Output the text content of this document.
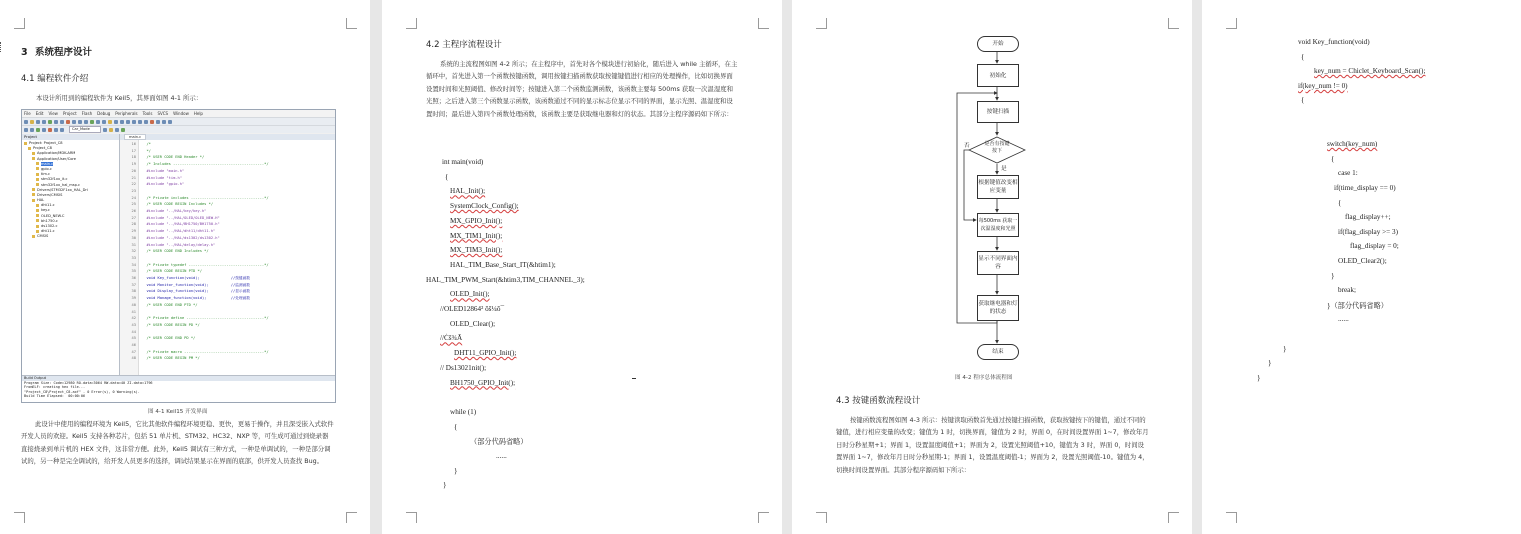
3 系统程序设计
4.1 编程软件介绍
本设计所用到的编程软件为 Keil5，其界面如图 4-1 所示：
File Edit View Project Flash Debug Peripherals Tools SVCS Window Help
Car_Mode
Project
Project: Project_C8
Project_C8
Application/MDK-ARM
Application/User/Core
main.c
gpio.c
tim.c
stm32f1xx_it.c
stm32f1xx_hal_msp.c
Drivers/STM32F1xx_HAL_Dri
Drivers/CMSIS
HAL
dht11.c
key.c
OLED_NEW.C
bh1750.c
ds1302.c
dht11.c
CMSIS
main.c
16 /*
17 */
18 /* USER CODE END Header */
19 /* Includes -----------------------------------------*/
20 #include "main.h"
21 #include "tim.h"
22 #include "gpio.h"
23
24 /* Private includes ---------------------------------*/
25 /* USER CODE BEGIN Includes */
26 #include "../HAL/key/key.h"
27 #include "../HAL/OLED/OLED_NEW.H"
28 #include "../HAL/BH1750/BH1750.h"
29 #include "../HAL/dht11/dht11.h"
30 #include "../HAL/ds1302/ds1302.h"
31 #include "../HAL/delay/delay.h"
32 /* USER CODE END Includes */
33
34 /* Private typedef ----------------------------------*/
35 /* USER CODE BEGIN PTD */
36 void Key_function(void);              //按键函数
37 void Monitor_function(void);          //监测函数
38 void Display_function(void);          //显示函数
39 void Manage_function(void);           //处理函数
40 /* USER CODE END PTD */
41
42 /* Private define -----------------------------------*/
43 /* USER CODE BEGIN PD */
44
45 /* USER CODE END PD */
46
47 /* Private macro ------------------------------------*/
48 /* USER CODE BEGIN PM */
Build Output
Program Size: Code=12980 RO-data=3064 RW-data=40 ZI-data=1796
FromELF: creating hex file...
"Project_C8\Project_C8.axf" - 0 Error(s), 0 Warning(s).
Build Time Elapsed:  00:00:06
图 4-1 Keil15 开发界面
此设计中使用的编程环境为 Keil5，它比其他软件编程环境更稳、更快，更易于操作，并且深受嵌入式软件开发人员的欢迎。Keil5 支持各种芯片，包括 51 单片机、STM32、HC32、NXP 等，可生成可通过到烧录器直接烧录到单片机的 HEX 文件，这非常方便。此外，Keil5 调试有三种方式，一种是单调试的，一种是部分调试的，另一种是完全调试的，给开发人员更多的选择，调试结果显示在界面的底部，供开发人员查找 Bug。
4.2 主程序流程设计
系统的主流程图如图 4-2 所示；在主程序中，首先对各个模块进行初始化，随后进入 while 主循环，在主循环中，首先进入第一个函数按键函数，调用按键扫描函数获取按键键值进行相应的处理操作，比如切换界面设置时间和光照阈值、修改时间等；按键进入第二个函数监测函数，该函数主要每 500ms 获取一次温湿度和光照；之后进入第三个函数显示函数，该函数通过不同的显示标志位显示不同的界面，显示光照、温湿度和设置时间；最后进入第四个函数处理函数，该函数主要是获取继电器和灯的状态。其部分主程序源码如下所示：
int main(void)
{
HAL_Init();
SystemClock_Config();
MX_GPIO_Init();
MX_TIM1_Init();
MX_TIM3_Init();
HAL_TIM_Base_Start_IT(&htim1);
HAL_TIM_PWM_Start(&htim3,TIM_CHANNEL_3);
OLED_Init();
//OLED12864² ōš¼ō¯
OLED_Clear();
//Ċš¾Ā
DHT11_GPIO_Init();
// Ds13021nit();
BH1750_GPIO_Init();
while (1)
{
（部分代码省略）
......
}
}
开始
初始化
按键扫描
是否有按键按下
否
是
根据键值改变相应变量
每500ms 获取一次温湿度和光照
显示不同界面内容
获取继电器和灯的状态
结束
图 4-2 程序总体流程图
4.3 按键函数流程设计
按键函数流程图如图 4-3 所示：按键读取函数首先通过按键扫描函数，获取按键按下的键值，通过不同的键值，进行相应变量的改变；键值为 1 时，切换界面，键值为 2 时，界面 0，在时间设置界面 1~7，修改年月日时分秒星期+1；界面 1，设置温度阈值+1；界面为 2，设置光照阈值+10，键值为 3 时，界面 0，时间设置界面 1~7，修改年月日时分秒星期-1；界面 1，设置温度阈值-1；界面为 2，设置光照阈值-10。键值为 4，切换时间设置界面。其部分程序源码如下所示：
void Key_function(void)
{
key_num = Chiclet_Keyboard_Scan();
if(key_num != 0)
{
switch(key_num)
{
case 1:
if(time_display == 0)
{
flag_display++;
if(flag_display >= 3)
flag_display = 0;
OLED_Clear2();
}
break;
}（部分代码省略）
......
}
}
}
